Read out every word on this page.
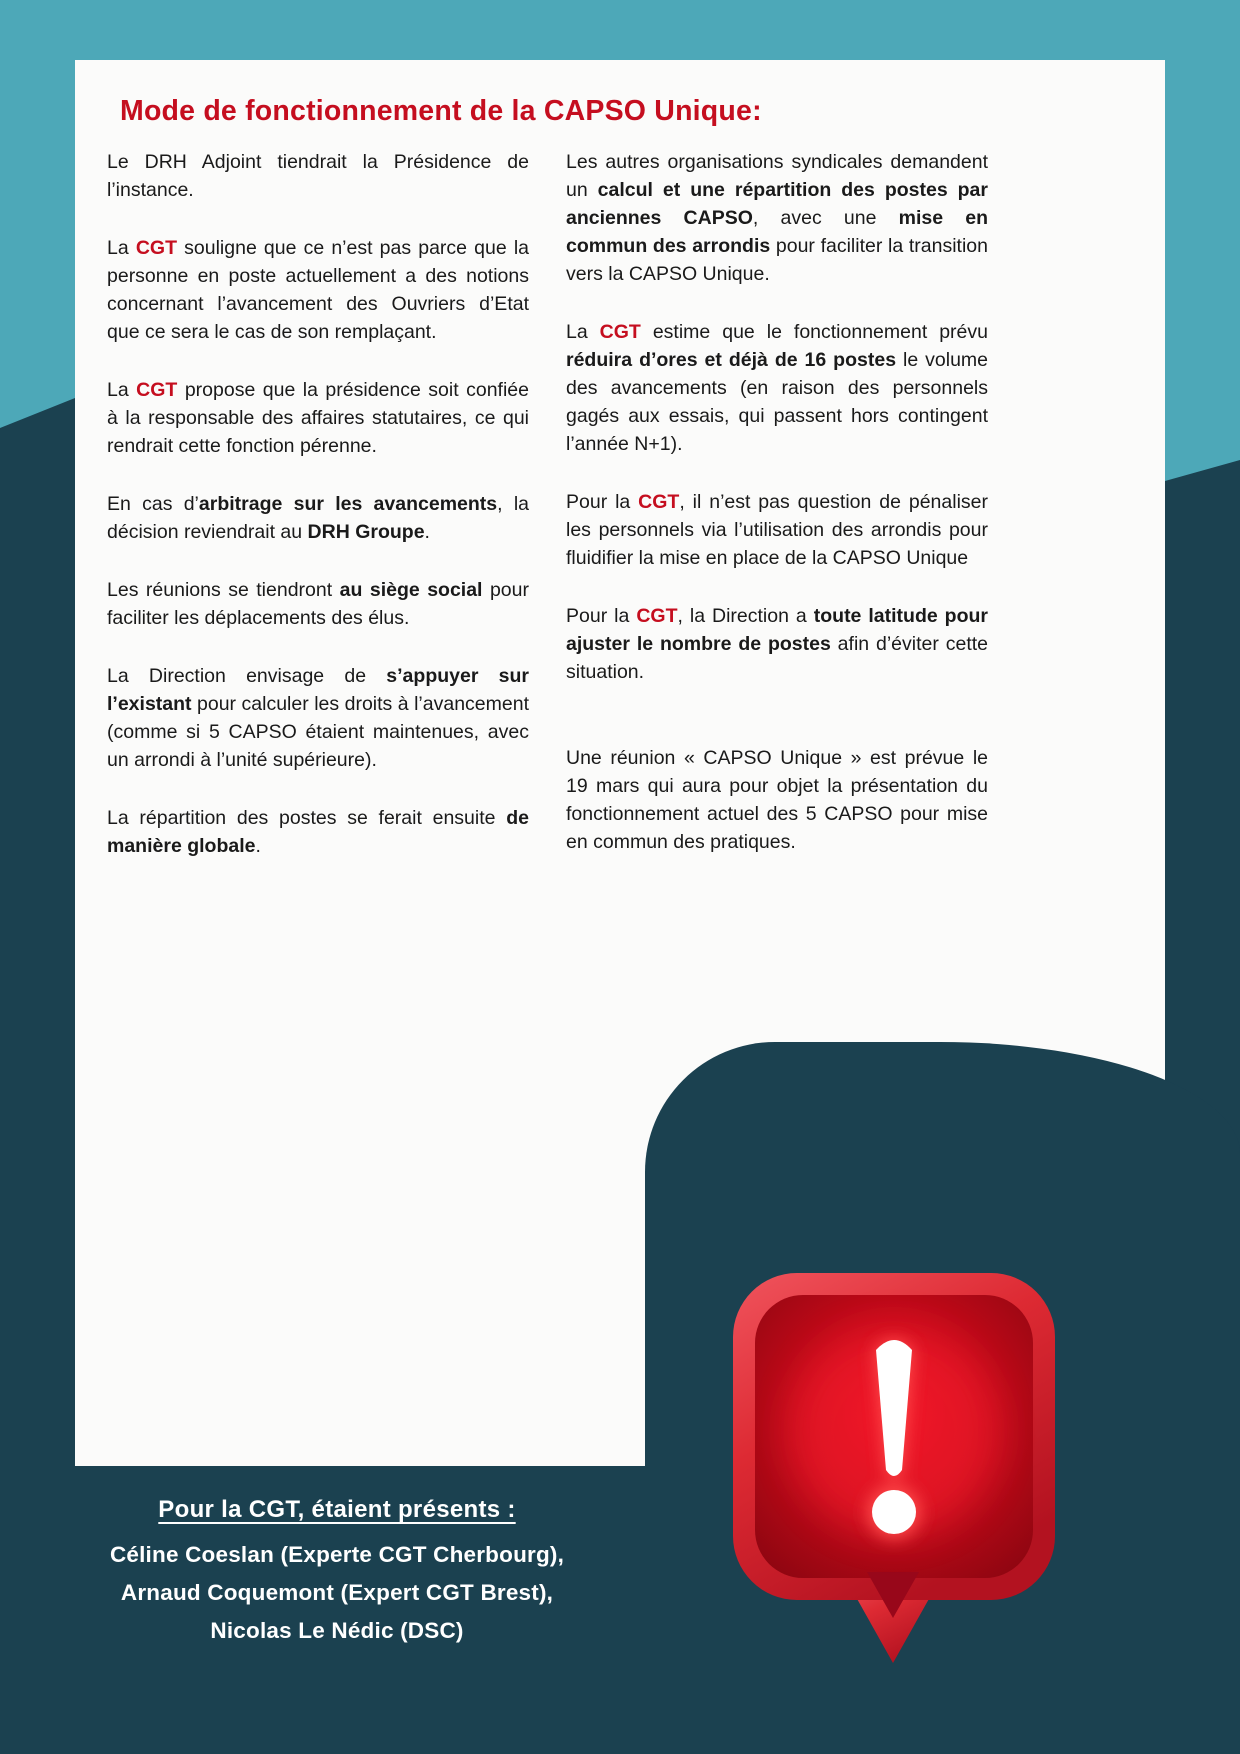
Mode de fonctionnement de la CAPSO Unique:

Le DRH Adjoint tiendrait la Présidence de l’instance.

La CGT souligne que ce n’est pas parce que la personne en poste actuellement a des notions concernant l’avancement des Ouvriers d’Etat que ce sera le cas de son remplaçant.

La CGT propose que la présidence soit confiée à la responsable des affaires statutaires, ce qui rendrait cette fonction pérenne.

En cas d’arbitrage sur les avancements, la décision reviendrait au DRH Groupe.

Les réunions se tiendront au siège social pour faciliter les déplacements des élus.

La Direction envisage de s’appuyer sur l’existant pour calculer les droits à l’avancement (comme si 5 CAPSO étaient maintenues, avec un arrondi à l’unité supérieure).

La répartition des postes se ferait ensuite de manière globale.

Les autres organisations syndicales demandent un calcul et une répartition des postes par anciennes CAPSO, avec une mise en commun des arrondis pour faciliter la transition vers la CAPSO Unique.

La CGT estime que le fonctionnement prévu réduira d’ores et déjà de 16 postes le volume des avancements (en raison des personnels gagés aux essais, qui passent hors contingent l’année N+1).

Pour la CGT, il n’est pas question de pénaliser les personnels via l’utilisation des arrondis pour fluidifier la mise en place de la CAPSO Unique

Pour la CGT, la Direction a toute latitude pour ajuster le nombre de postes afin d’éviter cette situation.

Une réunion « CAPSO Unique » est prévue le 19 mars qui aura pour objet la présentation du fonctionnement actuel des 5 CAPSO pour mise en commun des pratiques.

Pour la CGT, étaient présents :
Céline Coeslan (Experte CGT Cherbourg),
Arnaud Coquemont (Expert CGT Brest),
Nicolas Le Nédic (DSC)
